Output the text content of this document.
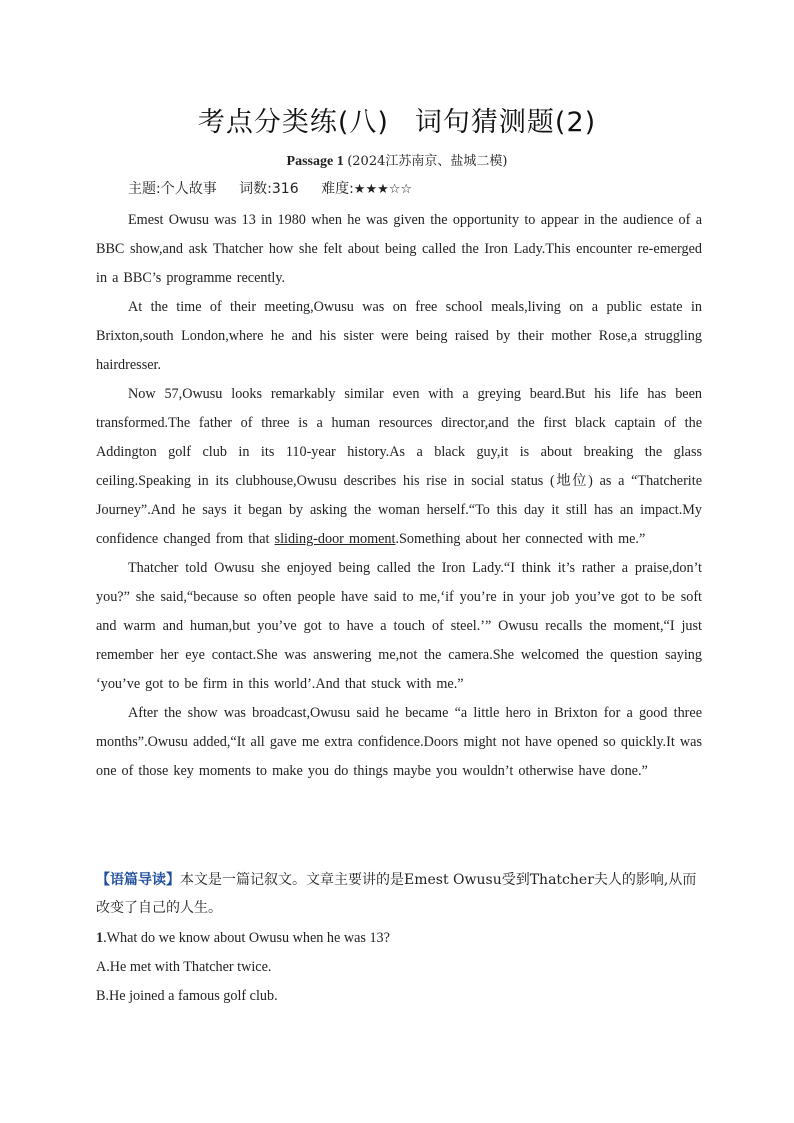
考点分类练(八) 词句猜测题(2)
Passage 1 (2024江苏南京、盐城二模)
主题:个人故事 词数:316 难度:★★★☆☆

Emest Owusu was 13 in 1980 when he was given the opportunity to appear in the audience of a BBC show,and ask Thatcher how she felt about being called the Iron Lady.This encounter re-emerged in a BBC’s programme recently.

At the time of their meeting,Owusu was on free school meals,living on a public estate in Brixton,south London,where he and his sister were being raised by their mother Rose,a struggling hairdresser.

Now 57,Owusu looks remarkably similar even with a greying beard.But his life has been transformed.The father of three is a human resources director,and the first black captain of the Addington golf club in its 110-year history.As a black guy,it is about breaking the glass ceiling.Speaking in its clubhouse,Owusu describes his rise in social status (地位) as a “Thatcherite Journey”.And he says it began by asking the woman herself.“To this day it still has an impact.My confidence changed from that sliding-door moment.Something about her connected with me.”

Thatcher told Owusu she enjoyed being called the Iron Lady.“I think it’s rather a praise,don’t you?” she said,“because so often people have said to me,‘if you’re in your job you’ve got to be soft and warm and human,but you’ve got to have a touch of steel.’” Owusu recalls the moment,“I just remember her eye contact.She was answering me,not the camera.She welcomed the question saying ‘you’ve got to be firm in this world’.And that stuck with me.”

After the show was broadcast,Owusu said he became “a little hero in Brixton for a good three months”.Owusu added,“It all gave me extra confidence.Doors might not have opened so quickly.It was one of those key moments to make you do things maybe you wouldn’t otherwise have done.”

【语篇导读】本文是一篇记叙文。文章主要讲的是Emest Owusu受到Thatcher夫人的影响,从而改变了自己的人生。
1.What do we know about Owusu when he was 13?
A.He met with Thatcher twice.
B.He joined a famous golf club.
